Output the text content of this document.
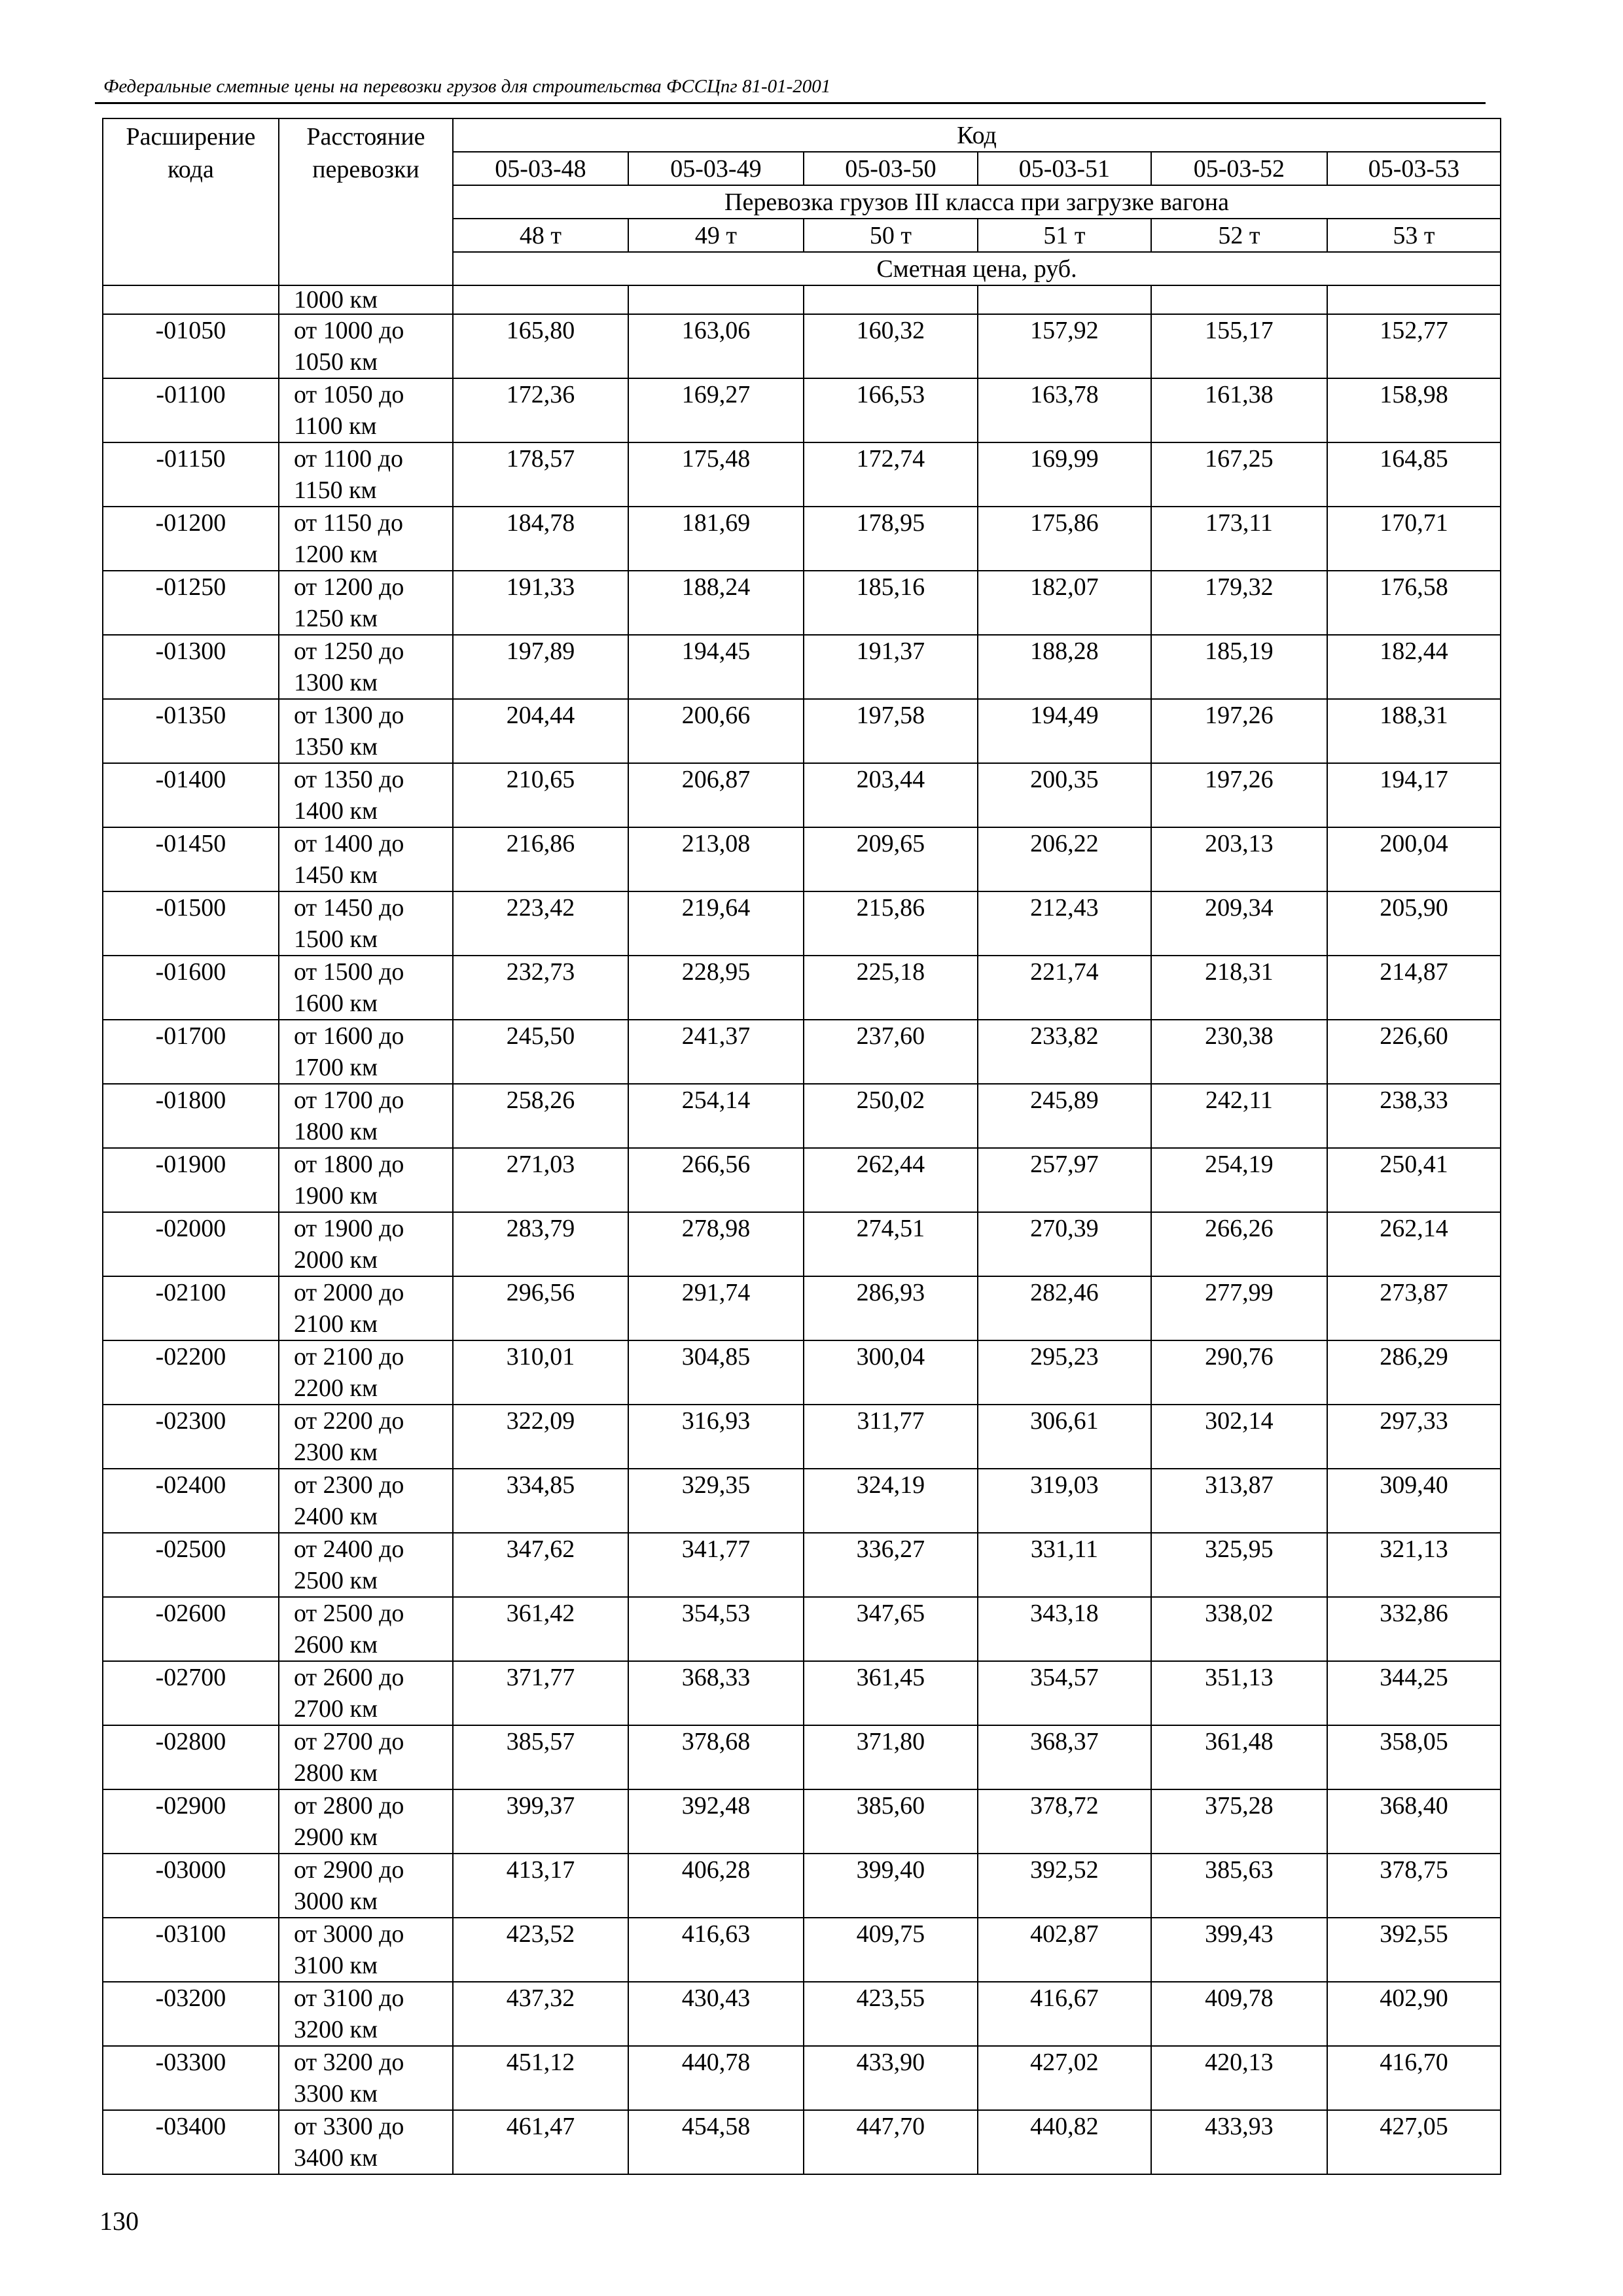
Федеральные сметные цены на перевозки грузов для строительства ФССЦпг 81-01-2001
Расширение кода	Расстояние перевозки	Код					
		05-03-48	05-03-49	05-03-50	05-03-51	05-03-52	05-03-53
		Перевозка грузов III класса при загрузке вагона					
		48 т	49 т	50 т	51 т	52 т	53 т
		Сметная цена, руб.					
	1000 км						
-01050	от 1000 до
1050 км	165,80	163,06	160,32	157,92	155,17	152,77
-01100	от 1050 до
1100 км	172,36	169,27	166,53	163,78	161,38	158,98
-01150	от 1100 до
1150 км	178,57	175,48	172,74	169,99	167,25	164,85
-01200	от 1150 до
1200 км	184,78	181,69	178,95	175,86	173,11	170,71
-01250	от 1200 до
1250 км	191,33	188,24	185,16	182,07	179,32	176,58
-01300	от 1250 до
1300 км	197,89	194,45	191,37	188,28	185,19	182,44
-01350	от 1300 до
1350 км	204,44	200,66	197,58	194,49	197,26	188,31
-01400	от 1350 до
1400 км	210,65	206,87	203,44	200,35	197,26	194,17
-01450	от 1400 до
1450 км	216,86	213,08	209,65	206,22	203,13	200,04
-01500	от 1450 до
1500 км	223,42	219,64	215,86	212,43	209,34	205,90
-01600	от 1500 до
1600 км	232,73	228,95	225,18	221,74	218,31	214,87
-01700	от 1600 до
1700 км	245,50	241,37	237,60	233,82	230,38	226,60
-01800	от 1700 до
1800 км	258,26	254,14	250,02	245,89	242,11	238,33
-01900	от 1800 до
1900 км	271,03	266,56	262,44	257,97	254,19	250,41
-02000	от 1900 до
2000 км	283,79	278,98	274,51	270,39	266,26	262,14
-02100	от 2000 до
2100 км	296,56	291,74	286,93	282,46	277,99	273,87
-02200	от 2100 до
2200 км	310,01	304,85	300,04	295,23	290,76	286,29
-02300	от 2200 до
2300 км	322,09	316,93	311,77	306,61	302,14	297,33
-02400	от 2300 до
2400 км	334,85	329,35	324,19	319,03	313,87	309,40
-02500	от 2400 до
2500 км	347,62	341,77	336,27	331,11	325,95	321,13
-02600	от 2500 до
2600 км	361,42	354,53	347,65	343,18	338,02	332,86
-02700	от 2600 до
2700 км	371,77	368,33	361,45	354,57	351,13	344,25
-02800	от 2700 до
2800 км	385,57	378,68	371,80	368,37	361,48	358,05
-02900	от 2800 до
2900 км	399,37	392,48	385,60	378,72	375,28	368,40
-03000	от 2900 до
3000 км	413,17	406,28	399,40	392,52	385,63	378,75
-03100	от 3000 до
3100 км	423,52	416,63	409,75	402,87	399,43	392,55
-03200	от 3100 до
3200 км	437,32	430,43	423,55	416,67	409,78	402,90
-03300	от 3200 до
3300 км	451,12	440,78	433,90	427,02	420,13	416,70
-03400	от 3300 до
3400 км	461,47	454,58	447,70	440,82	433,93	427,05
130
